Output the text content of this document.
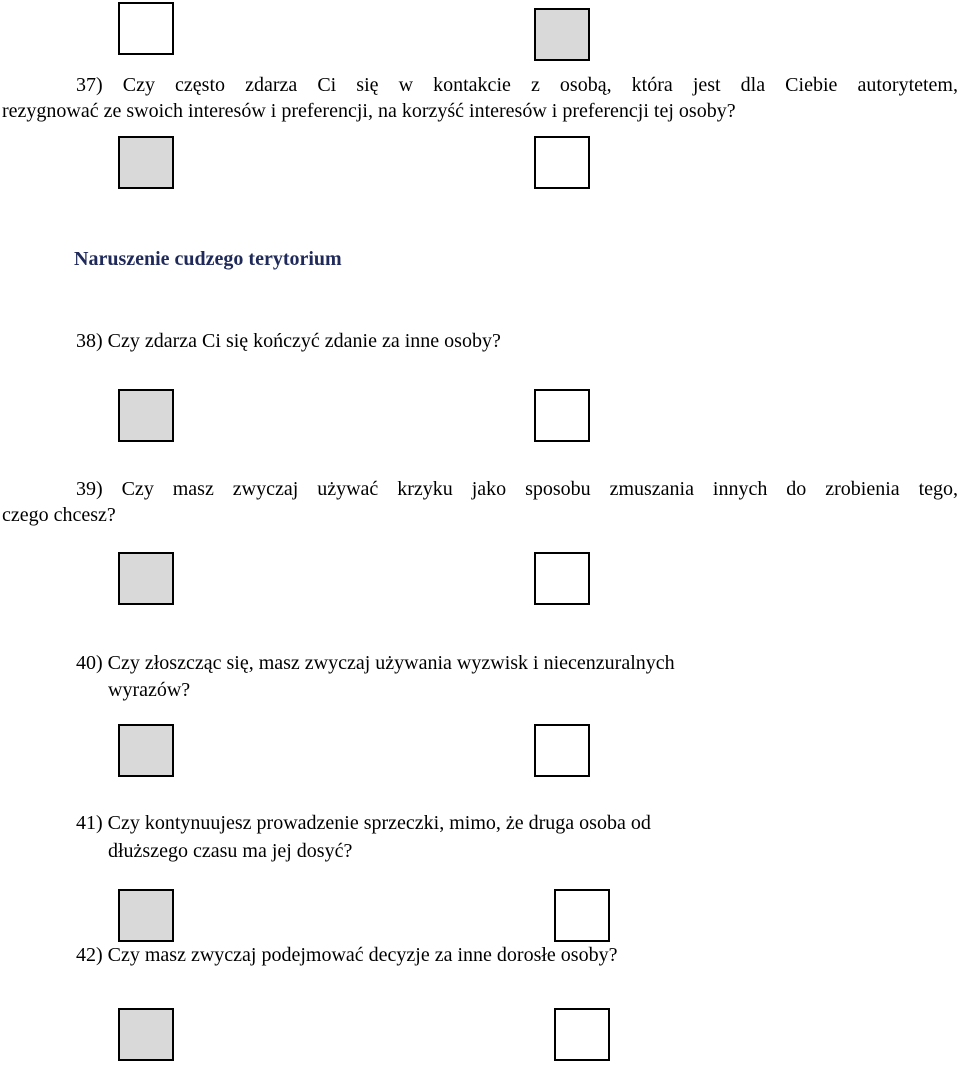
37) Czy często zdarza Ci się w kontakcie z osobą, która jest dla Ciebie autorytetem,
rezygnować ze swoich interesów i preferencji, na korzyść interesów i preferencji tej osoby?
Naruszenie cudzego terytorium
38) Czy zdarza Ci się kończyć zdanie za inne osoby?
39) Czy masz zwyczaj używać krzyku jako sposobu zmuszania innych do zrobienia tego,
czego chcesz?
40) Czy złoszcząc się, masz zwyczaj używania wyzwisk i niecenzuralnych
wyrazów?
41) Czy kontynuujesz prowadzenie sprzeczki, mimo, że druga osoba od
dłuższego czasu ma jej dosyć?
42) Czy masz zwyczaj podejmować decyzje za inne dorosłe osoby?
